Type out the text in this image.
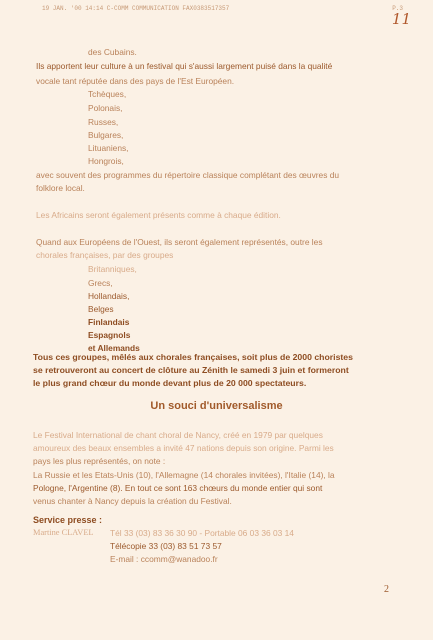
19 JAN. '00 14:14 C-COMM COMMUNICATION FAX0383517357	P.3
11
des Cubains.
Ils apportent leur culture à un festival qui s'aussi largement puisé dans la qualité
vocale tant réputée dans des pays de l'Est Européen.
Tchèques,
Polonais,
Russes,
Bulgares,
Lituaniens,
Hongrois,
avec souvent des programmes du répertoire classique complétant des œuvres du
folklore local.
Les Africains seront également présents comme à chaque édition.
Quand aux Européens de l'Ouest, ils seront également représentés, outre les
chorales françaises, par des groupes
Britanniques,
Grecs,
Hollandais,
Belges
Finlandais
Espagnols
et Allemands
Tous ces groupes, mêlés aux chorales françaises, soit plus de 2000 choristes
se retrouveront au concert de clôture au Zénith le samedi 3 juin et formeront
le plus grand chœur du monde devant plus de 20 000 spectateurs.
Un souci d'universalisme
Le Festival International de chant choral de Nancy, créé en 1979 par quelques
amoureux des beaux ensembles a invité 47 nations depuis son origine. Parmi les
pays les plus représentés, on note :
La Russie et les Etats-Unis (10), l'Allemagne (14 chorales invitées), l'Italie (14), la
Pologne, l'Argentine (8). En tout ce sont 163 chœurs du monde entier qui sont
venus chanter à Nancy depuis la création du Festival.
Service presse :
Martine CLAVEL Tél 33 (03) 83 36 30 90 - Portable 06 03 36 03 14
Télécopie 33 (03) 83 51 73 57
E-mail : ccomm@wanadoo.fr
2
